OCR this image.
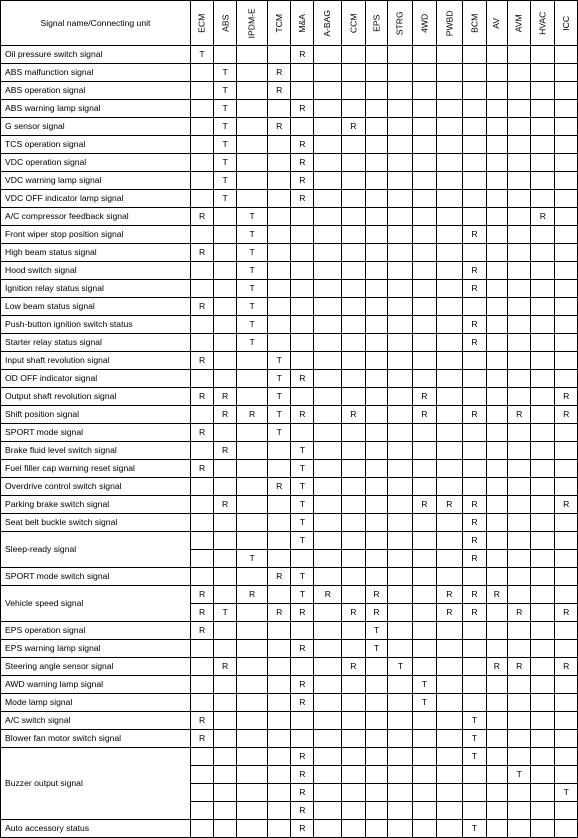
Signal name/Connecting unit	ECM	ABS	IPDM-E	TCM	M&A	A-BAG	CCM	EPS	STRG	4WD	PWBD	BCM	AV	AVM	HVAC	ICC
Oil pressure switch signal	T				R											
ABS malfunction signal		T		R												
ABS operation signal		T		R												
ABS warning lamp signal		T			R											
G sensor signal		T		R			R									
TCS operation signal		T			R											
VDC operation signal		T			R											
VDC warning lamp signal		T			R											
VDC OFF indicator lamp signal		T			R											
A/C compressor feedback signal	R		T												R	
Front wiper stop position signal			T									R				
High beam status signal	R		T													
Hood switch signal			T									R				
Ignition relay status signal			T									R				
Low beam status signal	R		T													
Push-button ignition switch status			T									R				
Starter relay status signal			T									R				
Input shaft revolution signal	R			T												
OD OFF indicator signal				T	R											
Output shaft revolution signal	R	R		T						R						R
Shift position signal		R	R	T	R		R			R		R		R		R
SPORT mode signal	R			T												
Brake fluid level switch signal		R			T											
Fuel filler cap warning reset signal	R				T											
Overdrive control switch signal				R	T											
Parking brake switch signal		R			T					R	R	R				R
Seat belt buckle switch signal					T							R				
Sleep-ready signal					T							R				
			T									R				
SPORT mode switch signal				R	T											
Vehicle speed signal	R		R		T	R		R			R	R	R			
	R	T		R	R		R	R			R	R		R		R
EPS operation signal	R							T								
EPS warning lamp signal					R			T								
Steering angle sensor signal		R					R		T				R	R		R
AWD warning lamp signal					R					T						
Mode lamp signal					R					T						
A/C switch signal	R											T				
Blower fan motor switch signal	R											T				
Buzzer output signal					R							T				
					R									T		
					R											T
					R											
Auto accessory status					R							T				
